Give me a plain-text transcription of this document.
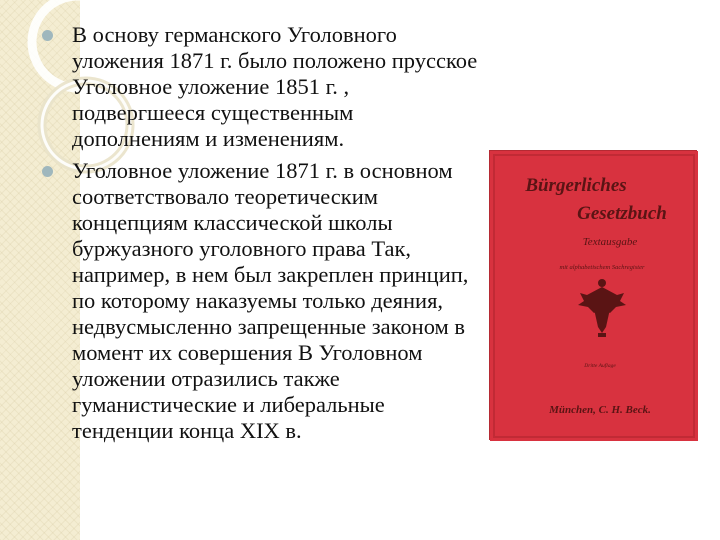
В основу германского Уголовного уложения 1871 г. было положено прусское Уголовное уложение 1851 г. , подвергшееся существенным дополнениям и изменениям.
Уголовное уложение 1871 г. в основном соответствовало теоретическим концепциям классической школы буржуазного уголовного права Так, например, в нем был закреплен принцип, по которому наказуемы только деяния, недвусмысленно запрещенные законом в момент их совершения В Уголовном уложении отразились также гуманистические и либеральные тенденции конца XIX в.
Bürgerliches
Gesetzbuch
Textausgabe
mit alphabetischem Sachregister
Dritte Auflage
München, C. H. Beck.
